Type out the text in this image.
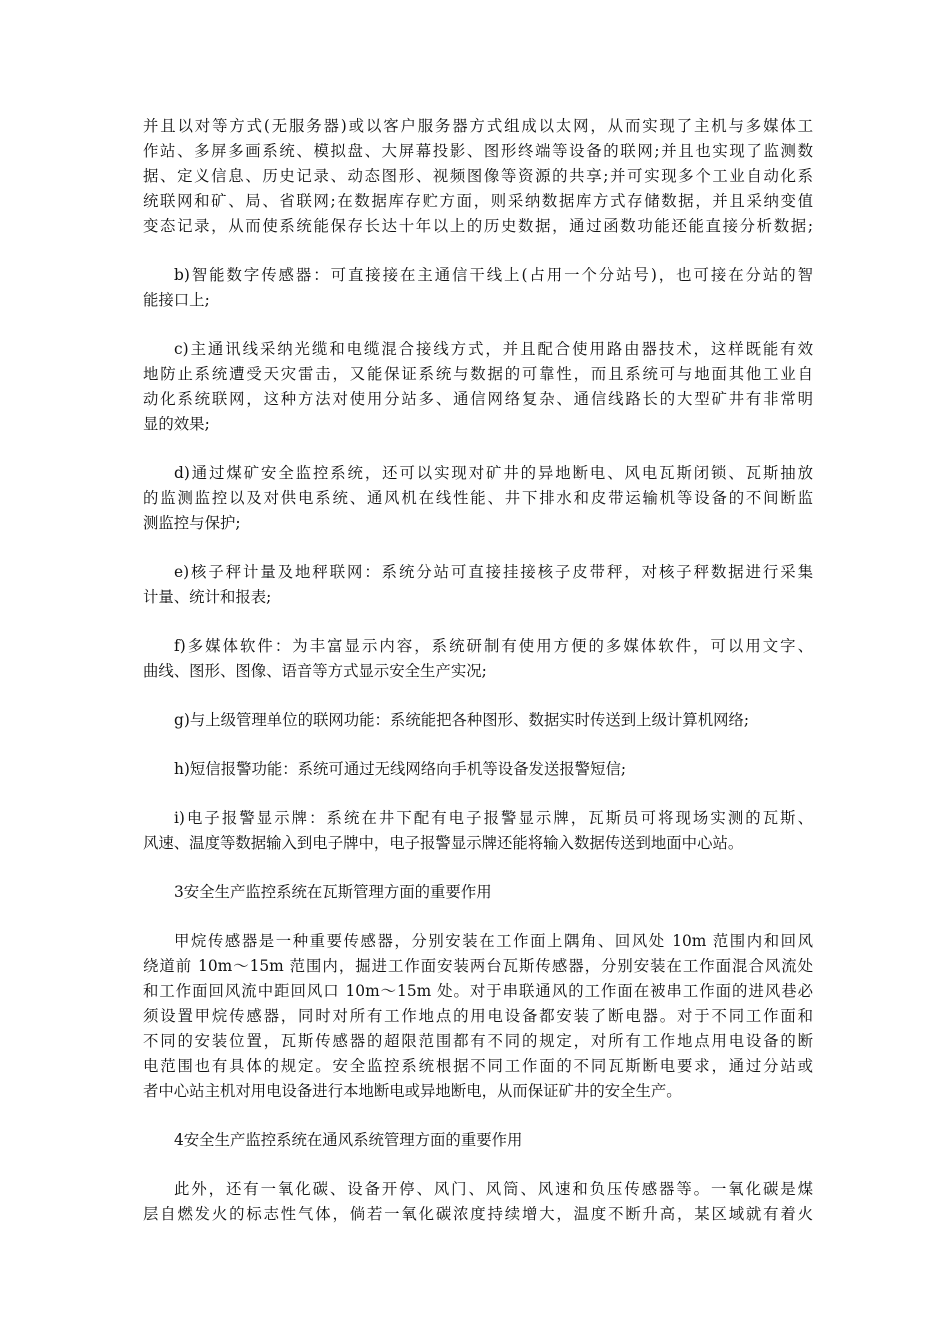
并且以对等方式(无服务器)或以客户服务器方式组成以太网，从而实现了主机与多媒体工
作站、多屏多画系统、模拟盘、大屏幕投影、图形终端等设备的联网;并且也实现了监测数
据、定义信息、历史记录、动态图形、视频图像等资源的共享;并可实现多个工业自动化系
统联网和矿、局、省联网;在数据库存贮方面，则采纳数据库方式存储数据，并且采纳变值
变态记录，从而使系统能保存长达十年以上的历史数据，通过函数功能还能直接分析数据;
b)智能数字传感器：可直接接在主通信干线上(占用一个分站号)，也可接在分站的智
能接口上;
c)主通讯线采纳光缆和电缆混合接线方式，并且配合使用路由器技术，这样既能有效
地防止系统遭受天灾雷击，又能保证系统与数据的可靠性，而且系统可与地面其他工业自
动化系统联网，这种方法对使用分站多、通信网络复杂、通信线路长的大型矿井有非常明
显的效果;
d)通过煤矿安全监控系统，还可以实现对矿井的异地断电、风电瓦斯闭锁、瓦斯抽放
的监测监控以及对供电系统、通风机在线性能、井下排水和皮带运输机等设备的不间断监
测监控与保护;
e)核子秤计量及地秤联网：系统分站可直接挂接核子皮带秤，对核子秤数据进行采集
计量、统计和报表;
f)多媒体软件：为丰富显示内容，系统研制有使用方便的多媒体软件，可以用文字、
曲线、图形、图像、语音等方式显示安全生产实况;
g)与上级管理单位的联网功能：系统能把各种图形、数据实时传送到上级计算机网络;
h)短信报警功能：系统可通过无线网络向手机等设备发送报警短信;
i)电子报警显示牌：系统在井下配有电子报警显示牌，瓦斯员可将现场实测的瓦斯、
风速、温度等数据输入到电子牌中，电子报警显示牌还能将输入数据传送到地面中心站。
3安全生产监控系统在瓦斯管理方面的重要作用
甲烷传感器是一种重要传感器，分别安装在工作面上隅角、回风处 10m 范围内和回风
绕道前 10m～15m 范围内，掘进工作面安装两台瓦斯传感器，分别安装在工作面混合风流处
和工作面回风流中距回风口 10m～15m 处。对于串联通风的工作面在被串工作面的进风巷必
须设置甲烷传感器，同时对所有工作地点的用电设备都安装了断电器。对于不同工作面和
不同的安装位置，瓦斯传感器的超限范围都有不同的规定，对所有工作地点用电设备的断
电范围也有具体的规定。安全监控系统根据不同工作面的不同瓦斯断电要求，通过分站或
者中心站主机对用电设备进行本地断电或异地断电，从而保证矿井的安全生产。
4安全生产监控系统在通风系统管理方面的重要作用
此外，还有一氧化碳、设备开停、风门、风筒、风速和负压传感器等。一氧化碳是煤
层自燃发火的标志性气体，倘若一氧化碳浓度持续增大，温度不断升高，某区域就有着火
